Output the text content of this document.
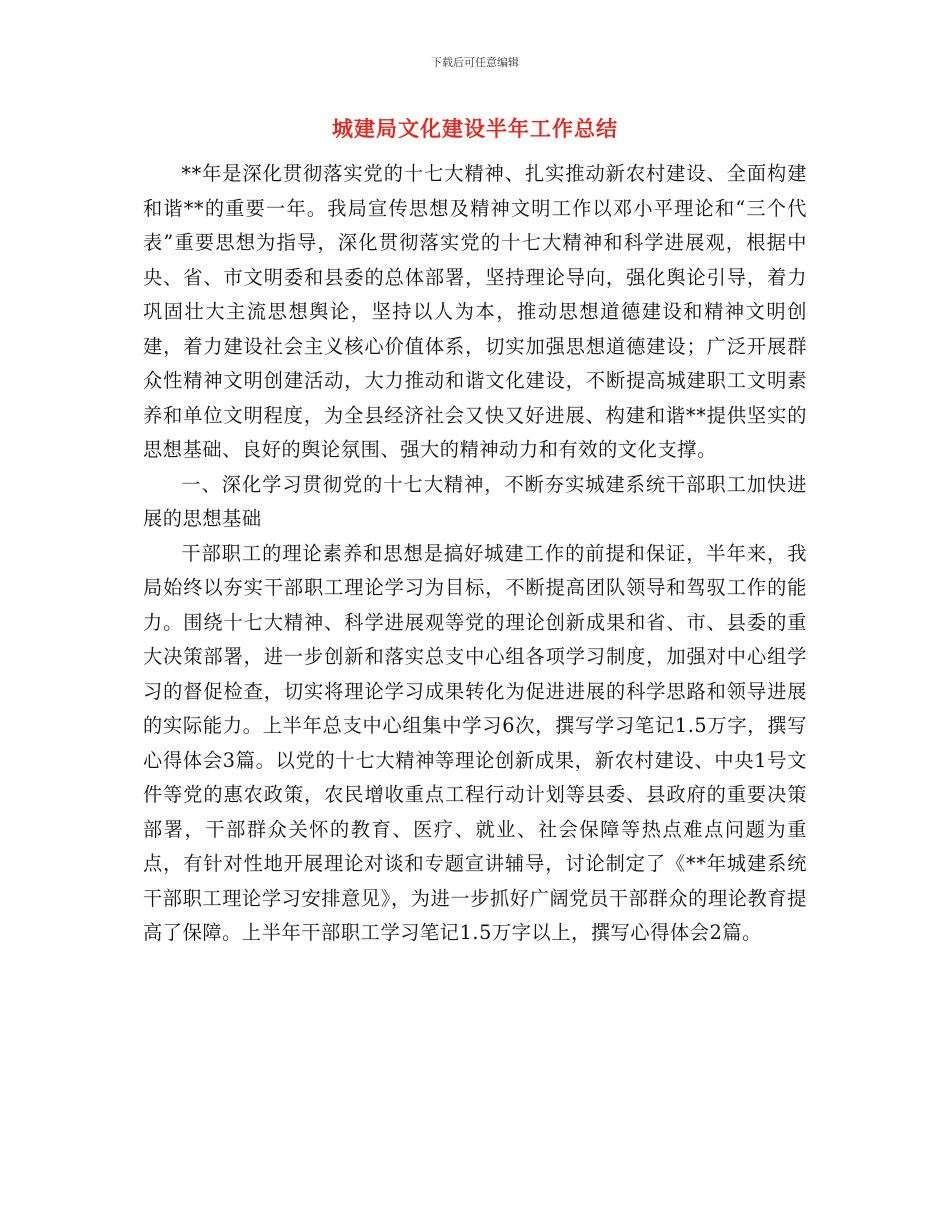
下载后可任意编辑
城建局文化建设半年工作总结

**年是深化贯彻落实党的十七大精神、扎实推动新农村建设、全面构建和谐**的重要一年。我局宣传思想及精神文明工作以邓小平理论和“三个代表”重要思想为指导，深化贯彻落实党的十七大精神和科学进展观，根据中央、省、市文明委和县委的总体部署，坚持理论导向，强化舆论引导，着力巩固壮大主流思想舆论，坚持以人为本，推动思想道德建设和精神文明创建，着力建设社会主义核心价值体系，切实加强思想道德建设；广泛开展群众性精神文明创建活动，大力推动和谐文化建设，不断提高城建职工文明素养和单位文明程度，为全县经济社会又快又好进展、构建和谐**提供坚实的思想基础、良好的舆论氛围、强大的精神动力和有效的文化支撑。

一、深化学习贯彻党的十七大精神，不断夯实城建系统干部职工加快进展的思想基础

干部职工的理论素养和思想是搞好城建工作的前提和保证，半年来，我局始终以夯实干部职工理论学习为目标，不断提高团队领导和驾驭工作的能力。围绕十七大精神、科学进展观等党的理论创新成果和省、市、县委的重大决策部署，进一步创新和落实总支中心组各项学习制度，加强对中心组学习的督促检查，切实将理论学习成果转化为促进进展的科学思路和领导进展的实际能力。上半年总支中心组集中学习6次，撰写学习笔记1.5万字，撰写心得体会3篇。以党的十七大精神等理论创新成果，新农村建设、中央1号文件等党的惠农政策，农民增收重点工程行动计划等县委、县政府的重要决策部署，干部群众关怀的教育、医疗、就业、社会保障等热点难点问题为重点，有针对性地开展理论对谈和专题宣讲辅导，讨论制定了《**年城建系统干部职工理论学习安排意见》，为进一步抓好广阔党员干部群众的理论教育提高了保障。上半年干部职工学习笔记1.5万字以上，撰写心得体会2篇。
